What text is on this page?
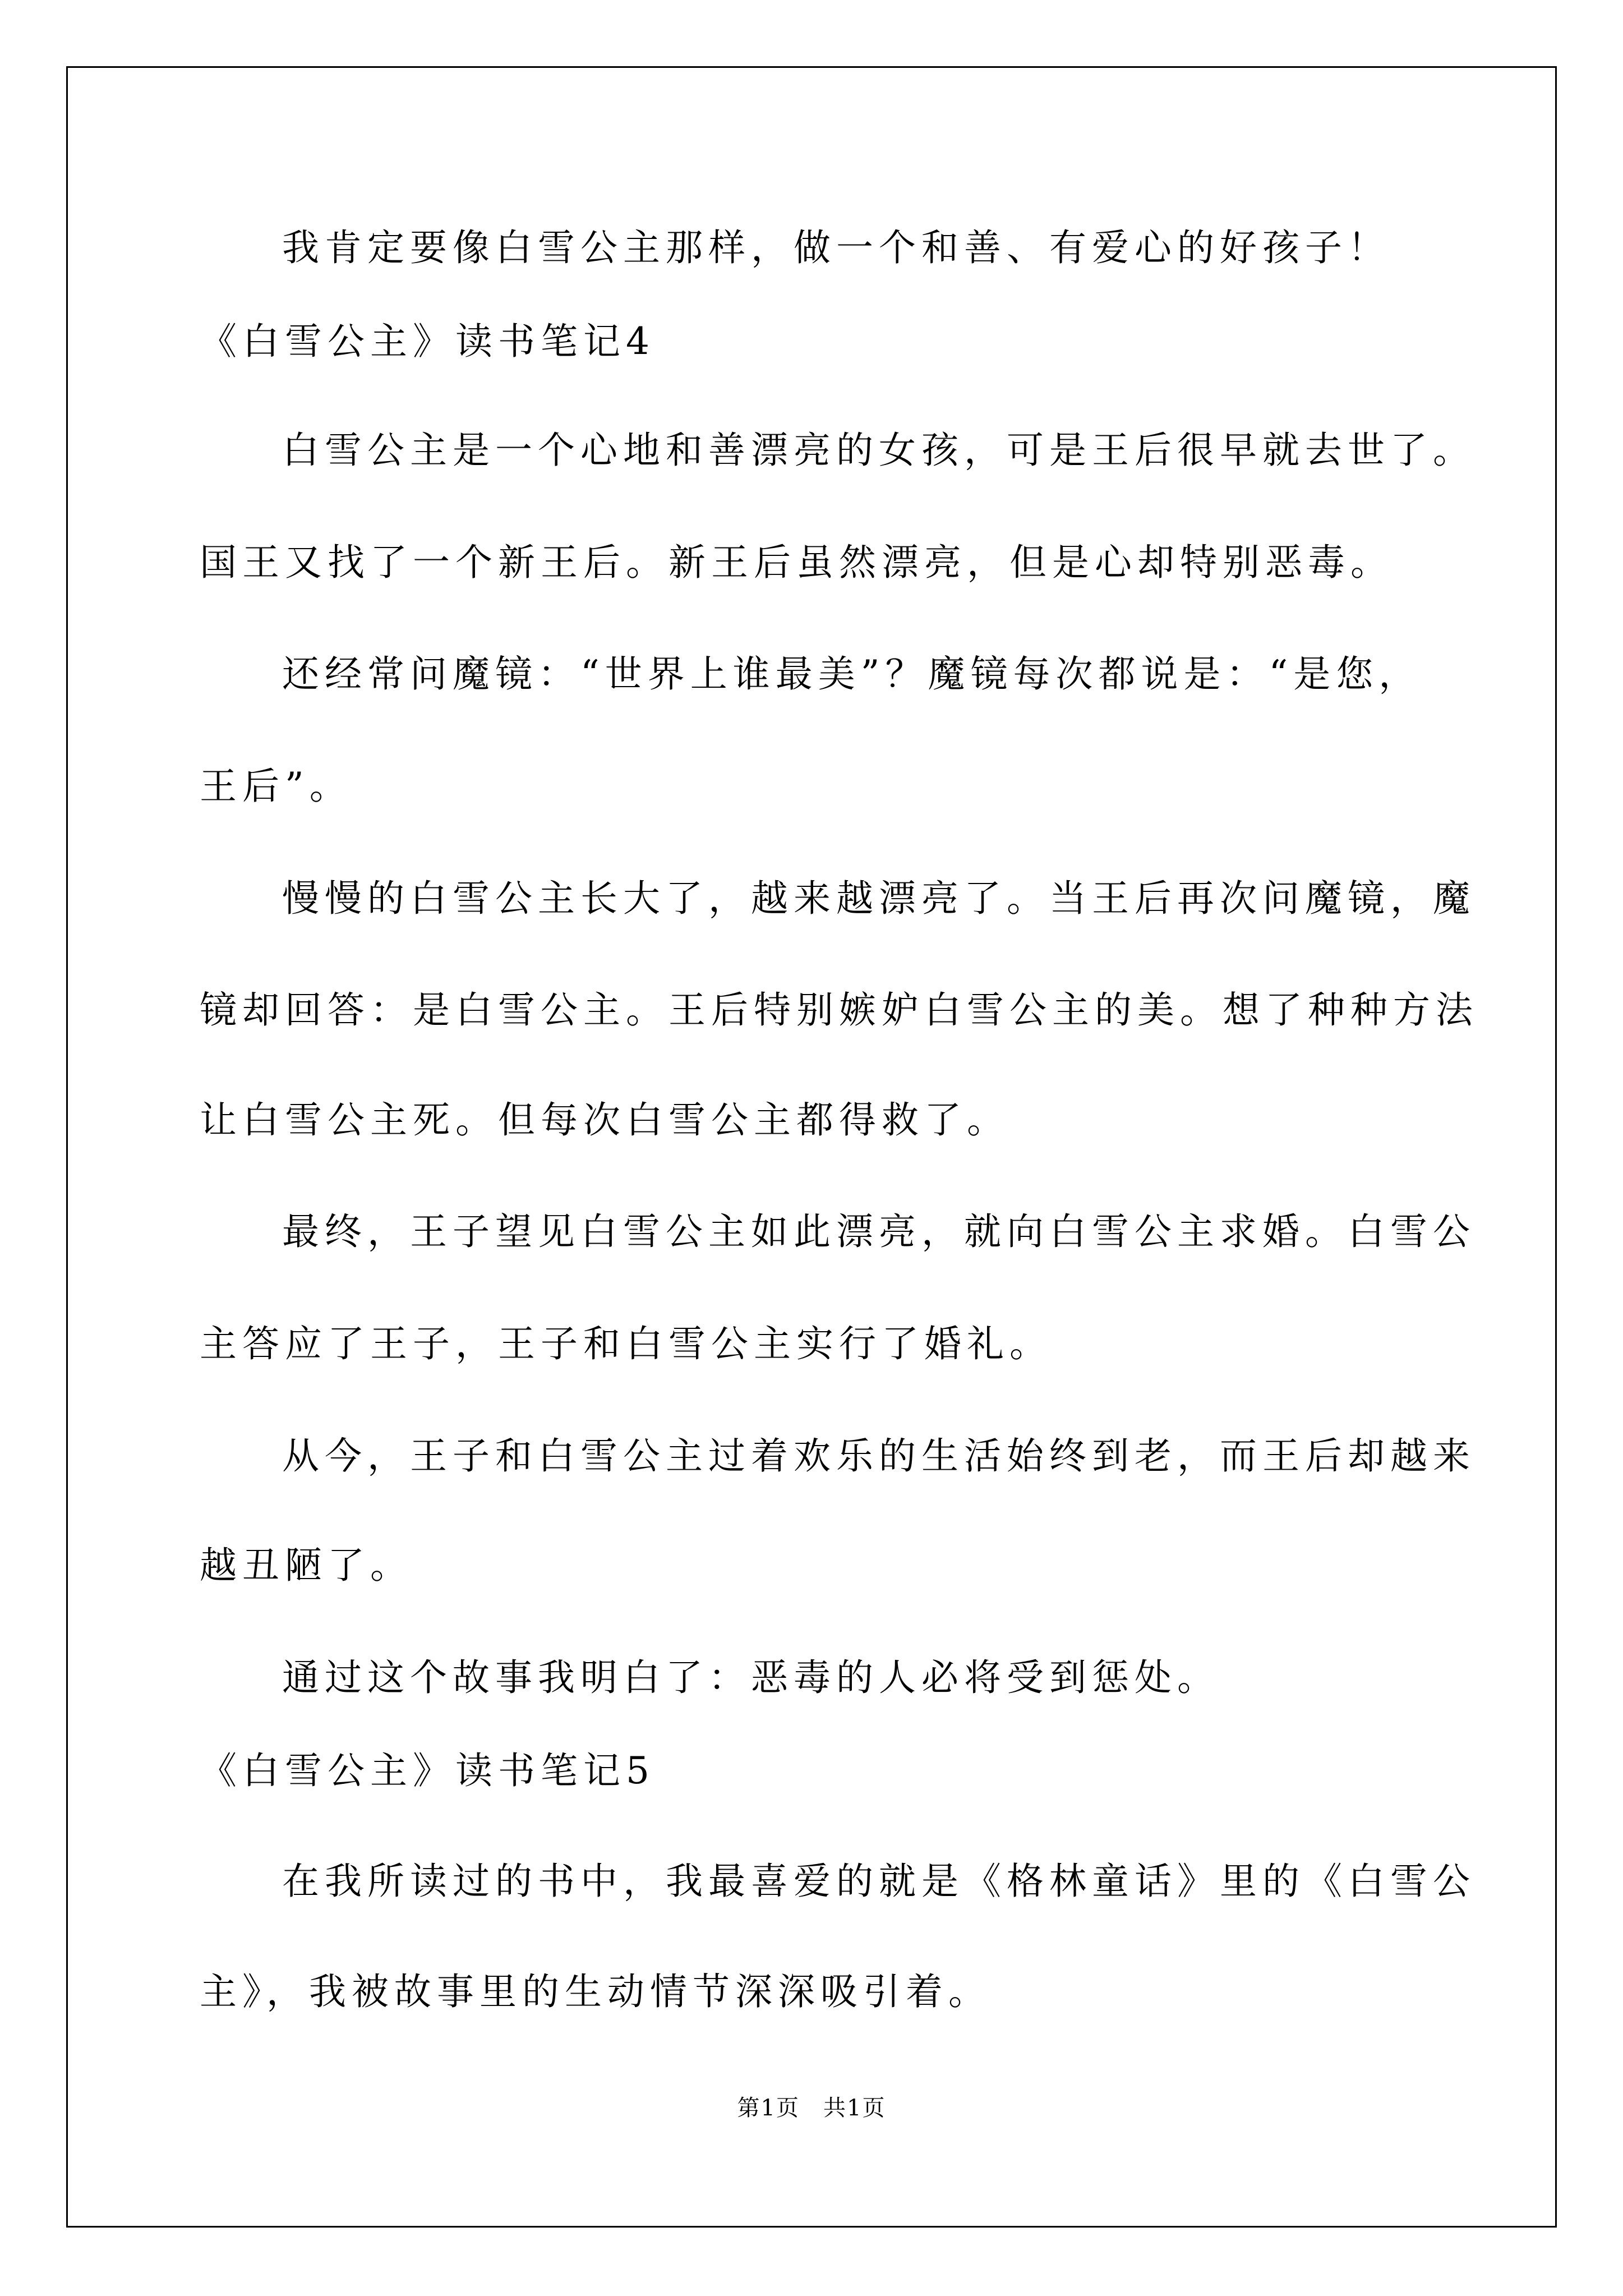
我肯定要像白雪公主那样，做一个和善、有爱心的好孩子！
《白雪公主》读书笔记4
白雪公主是一个心地和善漂亮的女孩，可是王后很早就去世了。
国王又找了一个新王后。新王后虽然漂亮，但是心却特别恶毒。
还经常问魔镜：“世界上谁最美”？魔镜每次都说是：“是您，
王后”。
慢慢的白雪公主长大了，越来越漂亮了。当王后再次问魔镜，魔
镜却回答：是白雪公主。王后特别嫉妒白雪公主的美。想了种种方法
让白雪公主死。但每次白雪公主都得救了。
最终，王子望见白雪公主如此漂亮，就向白雪公主求婚。白雪公
主答应了王子，王子和白雪公主实行了婚礼。
从今，王子和白雪公主过着欢乐的生活始终到老，而王后却越来
越丑陋了。
通过这个故事我明白了：恶毒的人必将受到惩处。
《白雪公主》读书笔记5
在我所读过的书中，我最喜爱的就是《格林童话》里的《白雪公
主》，我被故事里的生动情节深深吸引着。
第1页　共1页
